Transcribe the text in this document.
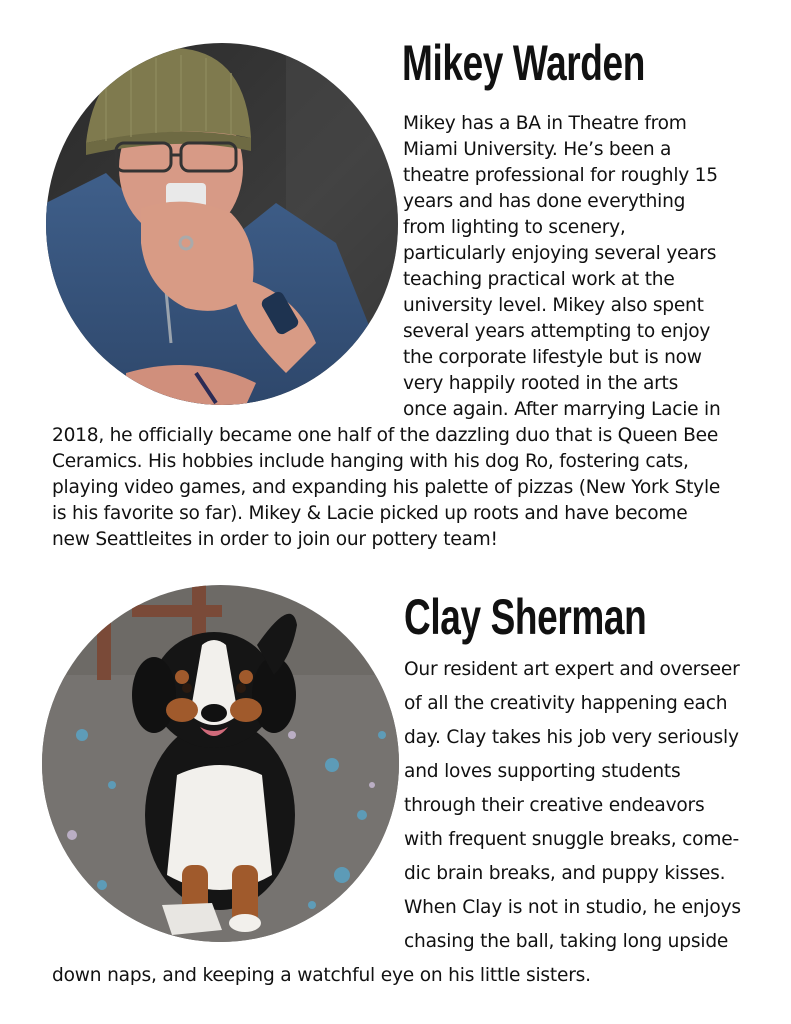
Mikey Warden
Mikey has a BA in Theatre from
Miami University. He’s been a
theatre professional for roughly 15
years and has done everything
from lighting to scenery,
particularly enjoying several years
teaching practical work at the
university level. Mikey also spent
several years attempting to enjoy
the corporate lifestyle but is now
very happily rooted in the arts
once again. After marrying Lacie in
2018, he officially became one half of the dazzling duo that is Queen Bee
Ceramics. His hobbies include hanging with his dog Ro, fostering cats,
playing video games, and expanding his palette of pizzas (New York Style
is his favorite so far). Mikey & Lacie picked up roots and have become
new Seattleites in order to join our pottery team!
Clay Sherman
Our resident art expert and overseer
of all the creativity happening each
day. Clay takes his job very seriously
and loves supporting students
through their creative endeavors
with frequent snuggle breaks, come-
dic brain breaks, and puppy kisses.
When Clay is not in studio, he enjoys
chasing the ball, taking long upside
down naps, and keeping a watchful eye on his little sisters.
